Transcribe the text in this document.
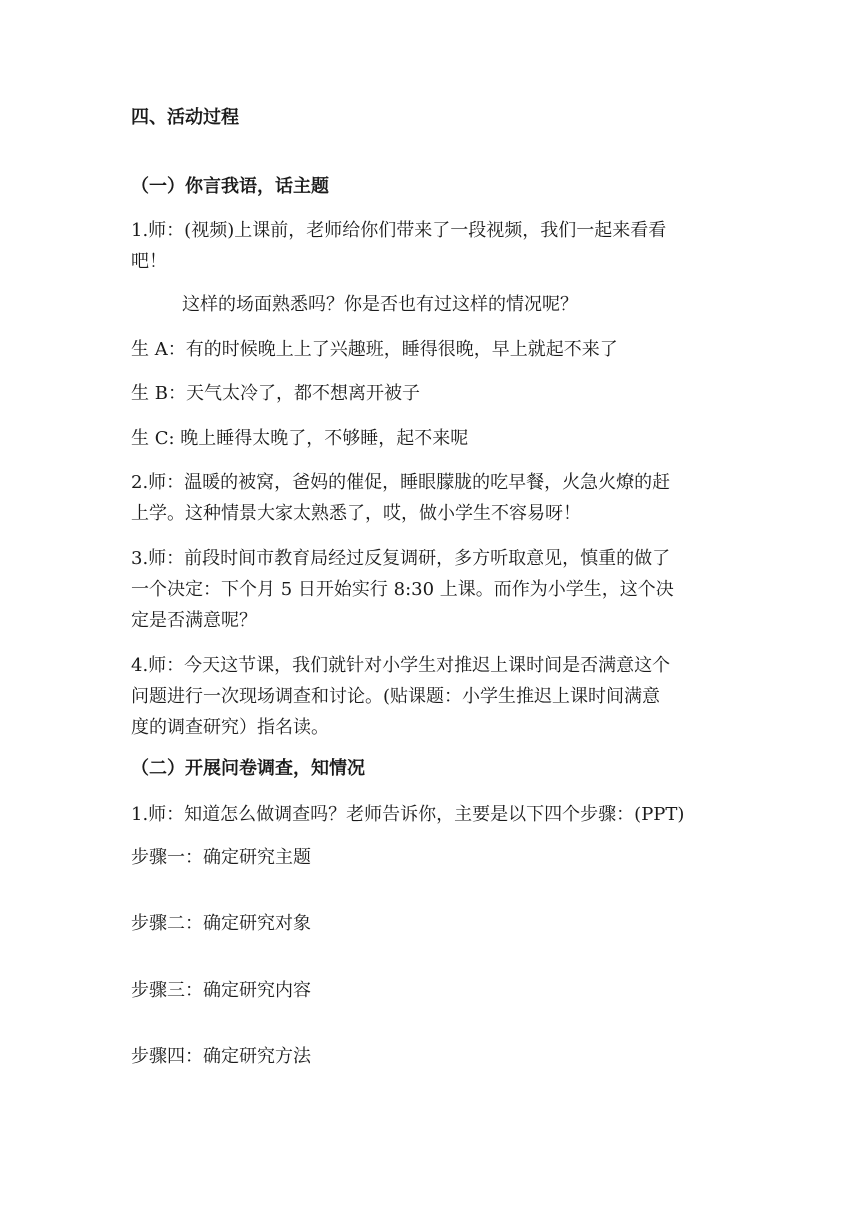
四、活动过程
（一）你言我语，话主题
1.师：(视频)上课前，老师给你们带来了一段视频，我们一起来看看
吧！
这样的场面熟悉吗？你是否也有过这样的情况呢？
生 A：有的时候晚上上了兴趣班，睡得很晚，早上就起不来了
生 B：天气太冷了，都不想离开被子
生 C: 晚上睡得太晚了，不够睡，起不来呢
2.师：温暖的被窝，爸妈的催促，睡眼朦胧的吃早餐，火急火燎的赶
上学。这种情景大家太熟悉了，哎，做小学生不容易呀！
3.师：前段时间市教育局经过反复调研，多方听取意见，慎重的做了
一个决定：下个月 5 日开始实行 8:30 上课。而作为小学生，这个决
定是否满意呢？
4.师：今天这节课，我们就针对小学生对推迟上课时间是否满意这个
问题进行一次现场调查和讨论。(贴课题：小学生推迟上课时间满意
度的调查研究）指名读。
（二）开展问卷调查，知情况
1.师：知道怎么做调查吗？老师告诉你，主要是以下四个步骤：(PPT)
步骤一：确定研究主题
步骤二：确定研究对象
步骤三：确定研究内容
步骤四：确定研究方法
